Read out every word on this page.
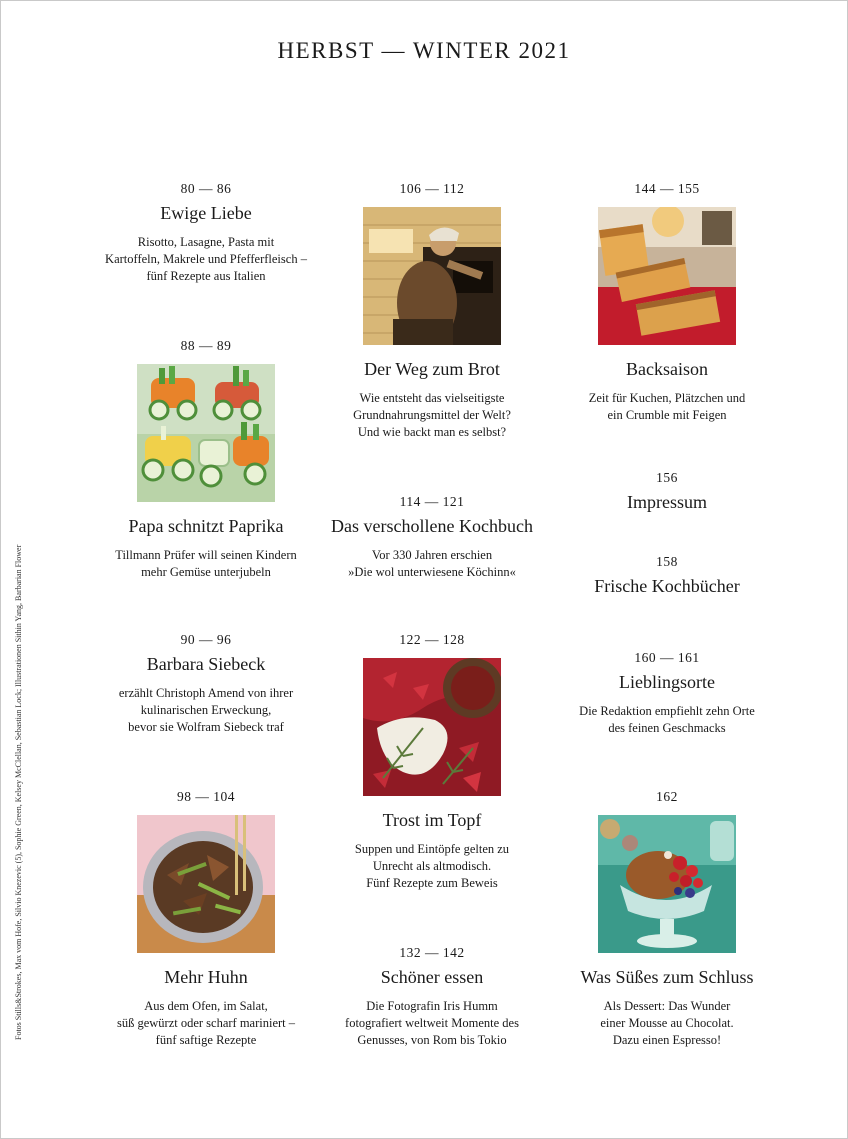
HERBST — WINTER 2021
Fotos Stills&Strokes, Max vom Hofe, Silvio Knezevic (5), Sophie Green, Kelsey McClellan, Sebastian Lock; Illustrationen Sithin Yang, Barbarian Flower

80 — 86

Ewige Liebe

Risotto, Lasagne, Pasta mit
Kartoffeln, Makrele und Pfefferfleisch –
fünf Rezepte aus Italien

88 — 89

Papa schnitzt Paprika

Tillmann Prüfer will seinen Kindern
mehr Gemüse unterjubeln

90 — 96

Barbara Siebeck

erzählt Christoph Amend von ihrer
kulinarischen Erweckung,
bevor sie Wolfram Siebeck traf

98 — 104

Mehr Huhn

Aus dem Ofen, im Salat,
süß gewürzt oder scharf mariniert –
fünf saftige Rezepte

106 — 112

Der Weg zum Brot

Wie entsteht das vielseitigste
Grundnahrungsmittel der Welt?
Und wie backt man es selbst?

114 — 121

Das verschollene Kochbuch

Vor 330 Jahren erschien
»Die wol unterwiesene Köchinn«

122 — 128

Trost im Topf

Suppen und Eintöpfe gelten zu
Unrecht als altmodisch.
Fünf Rezepte zum Beweis

132 — 142

Schöner essen

Die Fotografin Iris Humm
fotografiert weltweit Momente des
Genusses, von Rom bis Tokio

144 — 155

Backsaison

Zeit für Kuchen, Plätzchen und
ein Crumble mit Feigen

156

Impressum

158

Frische Kochbücher

160 — 161

Lieblingsorte

Die Redaktion empfiehlt zehn Orte
des feinen Geschmacks

162

Was Süßes zum Schluss

Als Dessert: Das Wunder
einer Mousse au Chocolat.
Dazu einen Espresso!
